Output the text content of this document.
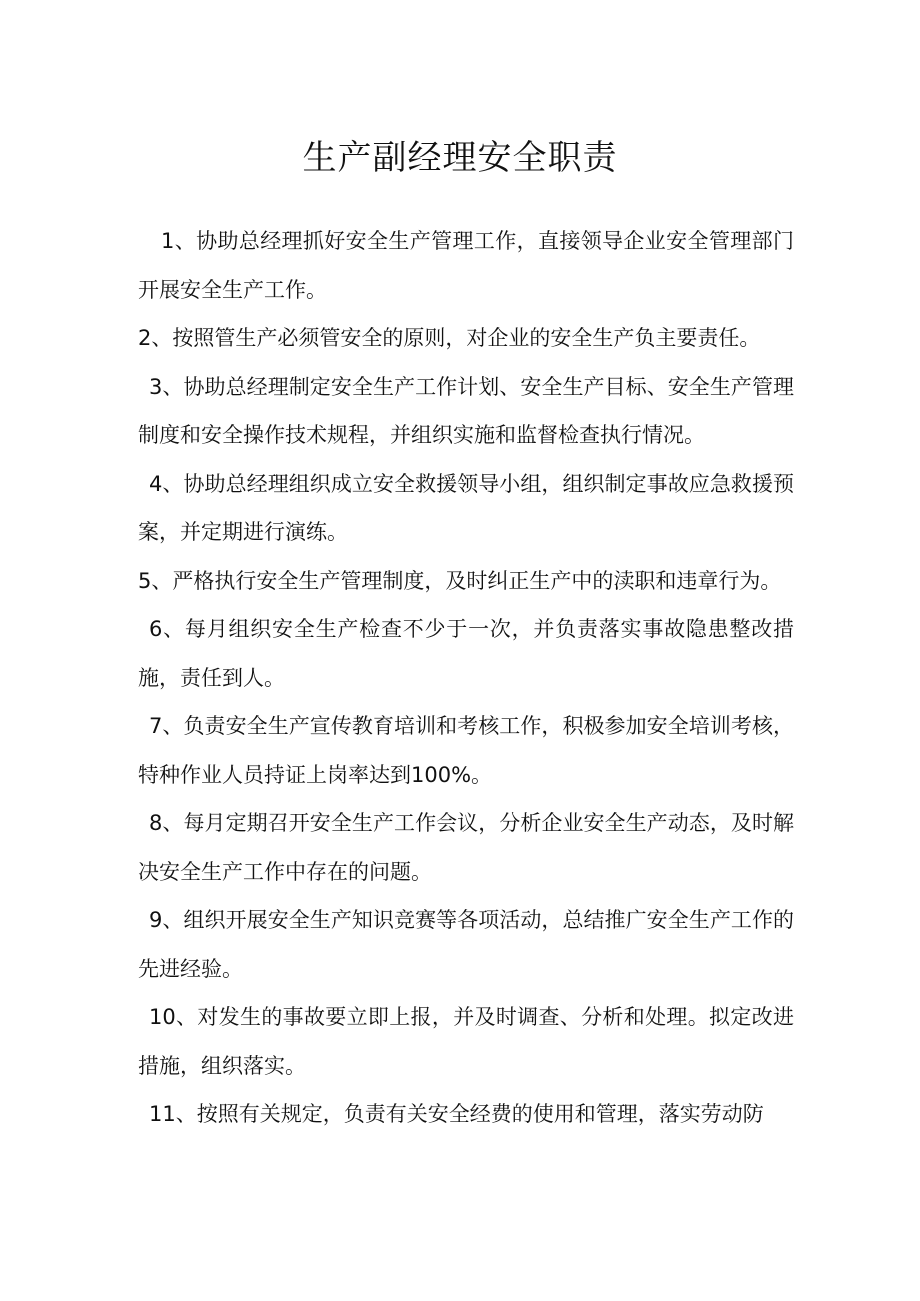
生产副经理安全职责

1、协助总经理抓好安全生产管理工作，直接领导企业安全管理部门开展安全生产工作。

2、按照管生产必须管安全的原则，对企业的安全生产负主要责任。

3、协助总经理制定安全生产工作计划、安全生产目标、安全生产管理制度和安全操作技术规程，并组织实施和监督检查执行情况。

4、协助总经理组织成立安全救援领导小组，组织制定事故应急救援预案，并定期进行演练。

5、严格执行安全生产管理制度，及时纠正生产中的渎职和违章行为。

6、每月组织安全生产检查不少于一次，并负责落实事故隐患整改措施，责任到人。

7、负责安全生产宣传教育培训和考核工作，积极参加安全培训考核，特种作业人员持证上岗率达到100%。

8、每月定期召开安全生产工作会议，分析企业安全生产动态，及时解决安全生产工作中存在的问题。

9、组织开展安全生产知识竞赛等各项活动，总结推广安全生产工作的先进经验。

10、对发生的事故要立即上报，并及时调查、分析和处理。拟定改进措施，组织落实。

11、按照有关规定，负责有关安全经费的使用和管理，落实劳动防
